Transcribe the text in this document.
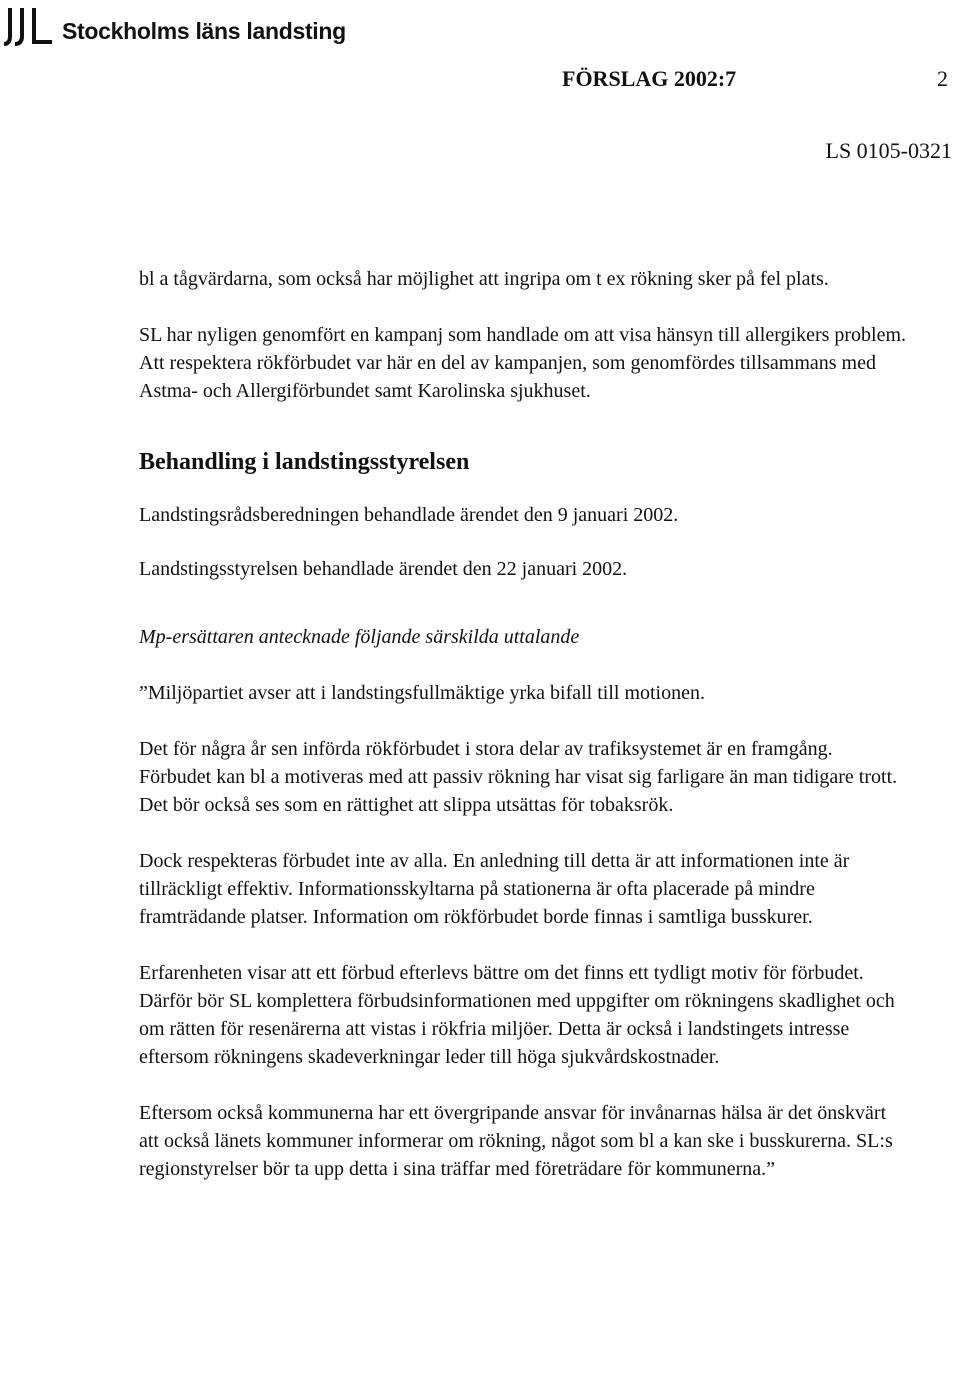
Stockholms läns landsting
FÖRSLAG 2002:7	2
LS 0105-0321

bl a tågvärdarna, som också har möjlighet att ingripa om t ex rökning sker på fel plats.

SL har nyligen genomfört en kampanj som handlade om att visa hänsyn till allergikers problem. Att respektera rökförbudet var här en del av kampanjen, som genomfördes tillsammans med Astma- och Allergiförbundet samt Karolinska sjukhuset.

Behandling i landstingsstyrelsen

Landstingsrådsberedningen behandlade ärendet den 9 januari 2002.

Landstingsstyrelsen behandlade ärendet den 22 januari 2002.

Mp-ersättaren antecknade följande särskilda uttalande

”Miljöpartiet avser att i landstingsfullmäktige yrka bifall till motionen.

Det för några år sen införda rökförbudet i stora delar av trafiksystemet är en framgång. Förbudet kan bl a motiveras med att passiv rökning har visat sig farligare än man tidigare trott. Det bör också ses som en rättighet att slippa utsättas för tobaksrök.

Dock respekteras förbudet inte av alla. En anledning till detta är att informationen inte är tillräckligt effektiv. Informationsskyltarna på stationerna är ofta placerade på mindre framträdande platser. Information om rökförbudet borde finnas i samtliga busskurer.

Erfarenheten visar att ett förbud efterlevs bättre om det finns ett tydligt motiv för förbudet. Därför bör SL komplettera förbudsinformationen med uppgifter om rökningens skadlighet och om rätten för resenärerna att vistas i rökfria miljöer. Detta är också i landstingets intresse eftersom rökningens skadeverkningar leder till höga sjukvårdskostnader.

Eftersom också kommunerna har ett övergripande ansvar för invånarnas hälsa är det önskvärt att också länets kommuner informerar om rökning, något som bl a kan ske i busskurerna. SL:s regionstyrelser bör ta upp detta i sina träffar med företrädare för kommunerna.”
